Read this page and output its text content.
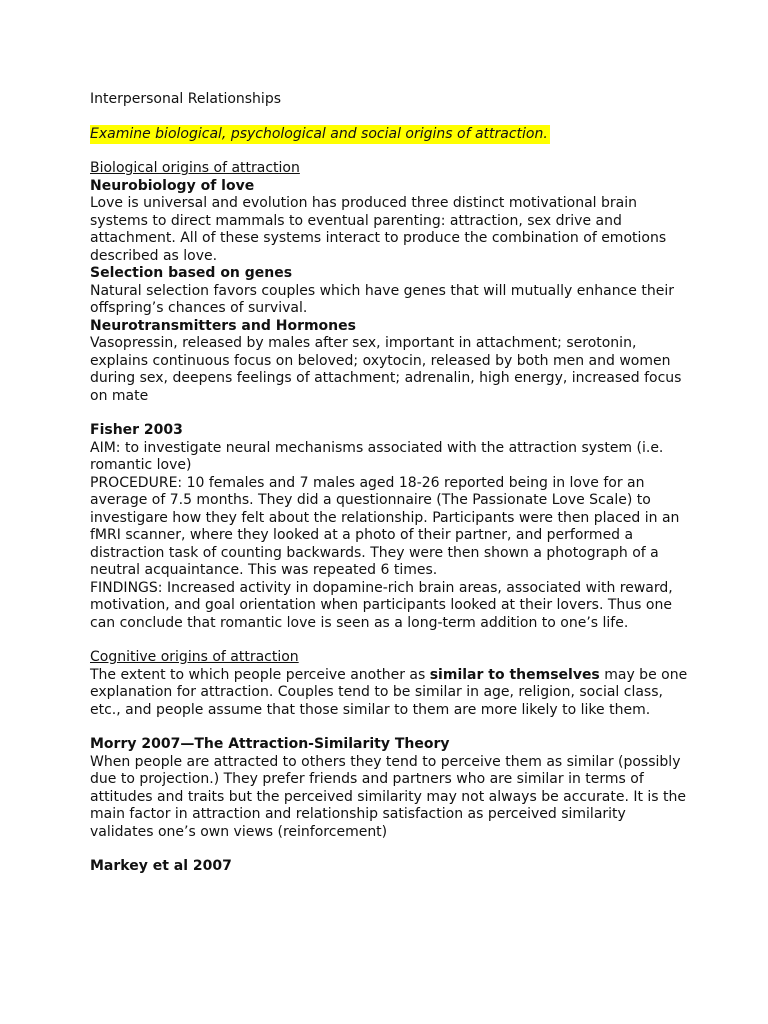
Interpersonal Relationships

Examine biological, psychological and social origins of attraction.
Biological origins of attraction
Neurobiology of love

Love is universal and evolution has produced three distinct motivational brain systems to direct mammals to eventual parenting: attraction, sex drive and attachment. All of these systems interact to produce the combination of emotions described as love.

Selection based on genes

Natural selection favors couples which have genes that will mutually enhance their offspring’s chances of survival.

Neurotransmitters and Hormones

Vasopressin, released by males after sex, important in attachment; serotonin, explains continuous focus on beloved; oxytocin, released by both men and women during sex, deepens feelings of attachment; adrenalin, high energy, increased focus on mate

Fisher 2003

AIM: to investigate neural mechanisms associated with the attraction system (i.e. romantic love)

PROCEDURE: 10 females and 7 males aged 18-26 reported being in love for an average of 7.5 months. They did a questionnaire (The Passionate Love Scale) to investigare how they felt about the relationship. Participants were then placed in an fMRI scanner, where they looked at a photo of their partner, and performed a distraction task of counting backwards. They were then shown a photograph of a neutral acquaintance. This was repeated 6 times.

FINDINGS: Increased activity in dopamine-rich brain areas, associated with reward, motivation, and goal orientation when participants looked at their lovers. Thus one can conclude that romantic love is seen as a long-term addition to one’s life.

Cognitive origins of attraction

The extent to which people perceive another as similar to themselves may be one explanation for attraction. Couples tend to be similar in age, religion, social class, etc., and people assume that those similar to them are more likely to like them.

Morry 2007—The Attraction-Similarity Theory

When people are attracted to others they tend to perceive them as similar (possibly due to projection.) They prefer friends and partners who are similar in terms of attitudes and traits but the perceived similarity may not always be accurate. It is the main factor in attraction and relationship satisfaction as perceived similarity validates one’s own views (reinforcement)

Markey et al 2007
